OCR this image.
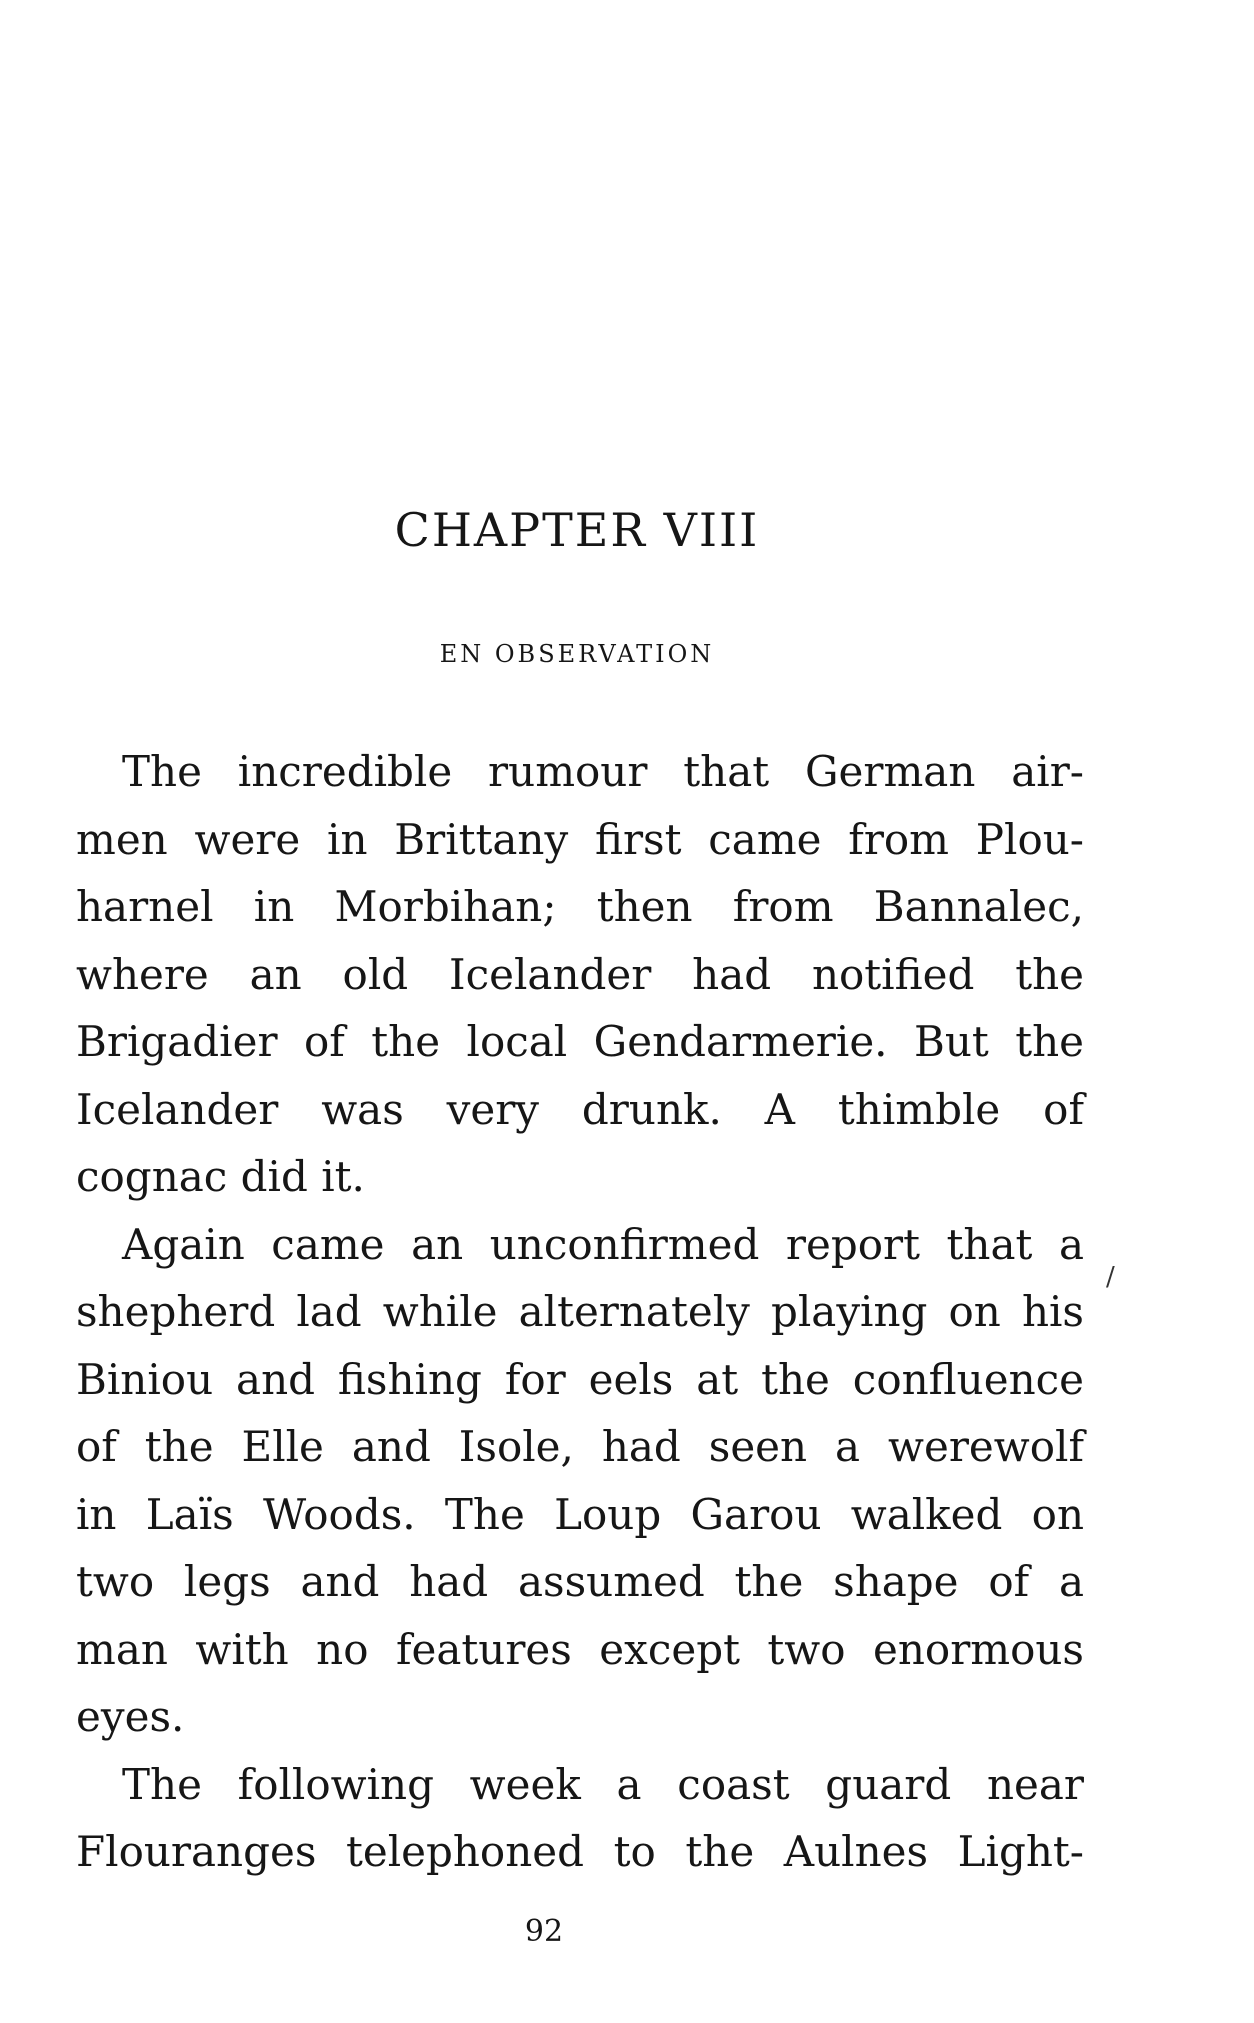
CHAPTER VIII
EN OBSERVATION
The incredible rumour that German air-
men were in Brittany first came from Plou-
harnel in Morbihan; then from Bannalec,
where an old Icelander had notified the
Brigadier of the local Gendarmerie. But the
Icelander was very drunk. A thimble of
cognac did it.
Again came an unconfirmed report that a
shepherd lad while alternately playing on his
Biniou and fishing for eels at the confluence
of the Elle and Isole, had seen a werewolf
in Laïs Woods. The Loup Garou walked on
two legs and had assumed the shape of a
man with no features except two enormous
eyes.
The following week a coast guard near
Flouranges telephoned to the Aulnes Light-
/
92
